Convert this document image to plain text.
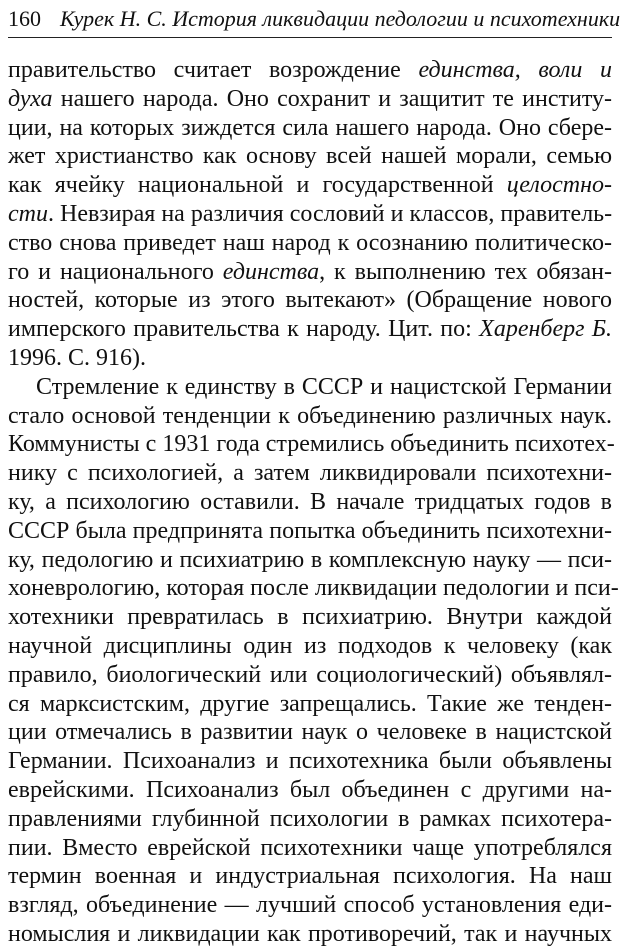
160 Курек Н. С. История ликвидации педологии и психотехники
правительство считает возрождение единства, воли и
духа нашего народа. Оно сохранит и защитит те институ-
ции, на которых зиждется сила нашего народа. Оно сбере-
жет христианство как основу всей нашей морали, семью
как ячейку национальной и государственной целостно-
сти. Невзирая на различия сословий и классов, правитель-
ство снова приведет наш народ к осознанию политическо-
го и национального единства, к выполнению тех обязан-
ностей, которые из этого вытекают» (Обращение нового
имперского правительства к народу. Цит. по: Харенберг Б.
1996. С. 916).
Стремление к единству в СССР и нацистской Германии
стало основой тенденции к объединению различных наук.
Коммунисты с 1931 года стремились объединить психотех-
нику с психологией, а затем ликвидировали психотехни-
ку, а психологию оставили. В начале тридцатых годов в
СССР была предпринята попытка объединить психотехни-
ку, педологию и психиатрию в комплексную науку — пси-
хоневрологию, которая после ликвидации педологии и пси-
хотехники превратилась в психиатрию. Внутри каждой
научной дисциплины один из подходов к человеку (как
правило, биологический или социологический) объявлял-
ся марксистским, другие запрещались. Такие же тенден-
ции отмечались в развитии наук о человеке в нацистской
Германии. Психоанализ и психотехника были объявлены
еврейскими. Психоанализ был объединен с другими на-
правлениями глубинной психологии в рамках психотера-
пии. Вместо еврейской психотехники чаще употреблялся
термин военная и индустриальная психология. На наш
взгляд, объединение — лучший способ установления еди-
номыслия и ликвидации как противоречий, так и научных
